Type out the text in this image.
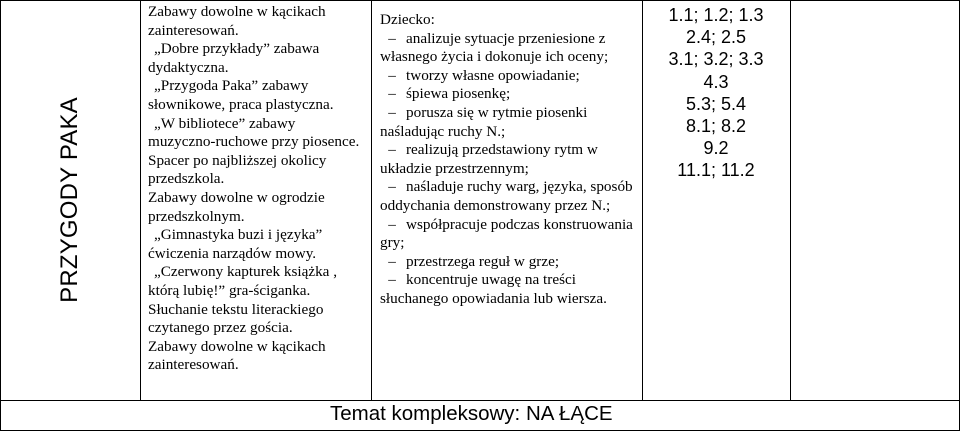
PRZYGODY PAKA

Zabawy dowolne w kącikach zainteresowań.

„Dobre przykłady” zabawa dydaktyczna.

„Przygoda Paka” zabawy słownikowe, praca plastyczna.

„W bibliotece” zabawy muzyczno-ruchowe przy piosence.

Spacer po najbliższej okolicy przedszkola.

Zabawy dowolne w ogrodzie przedszkolnym.

„Gimnastyka buzi i języka” ćwiczenia narządów mowy.

„Czerwony kapturek książka , którą lubię!” gra-ściganka.

Słuchanie tekstu literackiego czytanego przez gościa.

Zabawy dowolne w kącikach zainteresowań.

Dziecko:

– analizuje sytuacje przeniesione z własnego życia i dokonuje ich oceny;

– tworzy własne opowiadanie;

– śpiewa piosenkę;

– porusza się w rytmie piosenki naśladując ruchy N.;

– realizują przedstawiony rytm w układzie przestrzennym;

– naśladuje ruchy warg, języka, sposób oddychania demonstrowany przez N.;

– współpracuje podczas konstruowania gry;

– przestrzega reguł w grze;

– koncentruje uwagę na treści słuchanego opowiadania lub wiersza.

1.1; 1.2; 1.3

2.4; 2.5

3.1; 3.2; 3.3

4.3

5.3; 5.4

8.1; 8.2

9.2

11.1; 11.2

Temat kompleksowy: NA ŁĄCE
